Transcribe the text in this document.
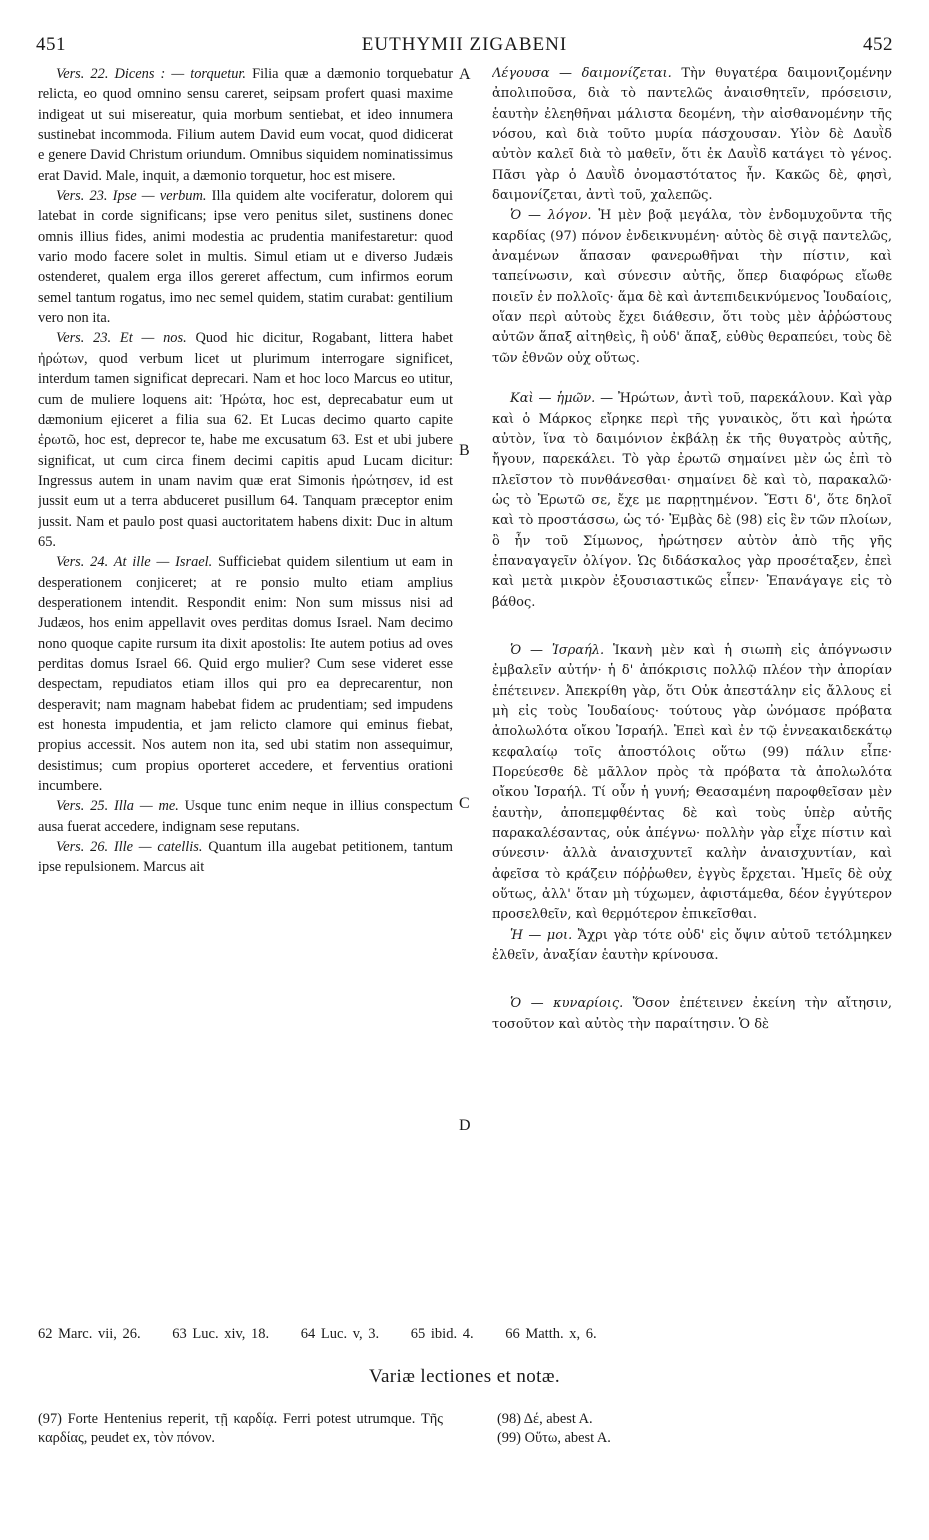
451	EUTHYMII ZIGABENI	452

Vers. 22. Dicens : — torquetur. Filia quæ a dæmonio torquebatur relicta, eo quod omnino sensu careret, seipsam profert quasi maxime indigeat ut sui misereatur, quia morbum sentiebat, et ideo innumera sustinebat incommoda. Filium autem David eum vocat, quod didicerat e genere David Christum oriundum. Omnibus siquidem nominatissimus erat David. Male, inquit, a dæmonio torquetur, hoc est misere.

Vers. 23. Ipse — verbum. Illa quidem alte vociferatur, dolorem qui latebat in corde significans; ipse vero penitus silet, sustinens donec omnis illius fides, animi modestia ac prudentia manifestaretur: quod vario modo facere solet in multis. Simul etiam ut e diverso Judæis ostenderet, qualem erga illos gereret affectum, cum infirmos eorum semel tantum rogatus, imo nec semel quidem, statim curabat: gentilium vero non ita.

Vers. 23. Et — nos. Quod hic dicitur, Rogabant, littera habet ἠρώτων, quod verbum licet ut plurimum interrogare significet, interdum tamen significat deprecari. Nam et hoc loco Marcus eo utitur, cum de muliere loquens ait: Ἠρώτα, hoc est, deprecabatur eum ut dæmonium ejiceret a filia sua 62. Et Lucas decimo quarto capite ἐρωτῶ, hoc est, deprecor te, habe me excusatum 63. Est et ubi jubere significat, ut cum circa finem decimi capitis apud Lucam dicitur: Ingressus autem in unam navim quæ erat Simonis ἠρώτησεν, id est jussit eum ut a terra abduceret pusillum 64. Tanquam præceptor enim jussit. Nam et paulo post quasi auctoritatem habens dixit: Duc in altum 65.

Vers. 24. At ille — Israel. Sufficiebat quidem silentium ut eam in desperationem conjiceret; at re ponsio multo etiam amplius desperationem intendit. Respondit enim: Non sum missus nisi ad Judæos, hos enim appellavit oves perditas domus Israel. Nam decimo nono quoque capite rursum ita dixit apostolis: Ite autem potius ad oves perditas domus Israel 66. Quid ergo mulier? Cum sese videret esse despectam, repudiatos etiam illos qui pro ea deprecarentur, non desperavit; nam magnam habebat fidem ac prudentiam; sed impudens est honesta impudentia, et jam relicto clamore qui eminus fiebat, propius accessit. Nos autem non ita, sed ubi statim non assequimur, desistimus; cum propius oporteret accedere, et ferventius orationi incumbere.

Vers. 25. Illa — me. Usque tunc enim neque in illius conspectum ausa fuerat accedere, indignam sese reputans.

Vers. 26. Ille — catellis. Quantum illa augebat petitionem, tantum ipse repulsionem. Marcus ait

A
B
C
D

Λέγουσα — δαιμονίζεται. Τὴν θυγατέρα δαιμονιζομένην ἀπολιποῦσα, διὰ τὸ παντελῶς ἀναισθητεῖν, πρόσεισιν, ἑαυτὴν ἐλεηθῆναι μάλιστα δεομένη, τὴν αἰσθανομένην τῆς νόσου, καὶ διὰ τοῦτο μυρία πάσχουσαν. Υἱὸν δὲ Δαυῒδ αὐτὸν καλεῖ διὰ τὸ μαθεῖν, ὅτι ἐκ Δαυῒδ κατάγει τὸ γένος. Πᾶσι γὰρ ὁ Δαυῒδ ὀνομαστότατος ἦν. Κακῶς δὲ, φησὶ, δαιμονίζεται, ἀντὶ τοῦ, χαλεπῶς.

Ὁ — λόγον. Ἡ μὲν βοᾷ μεγάλα, τὸν ἐνδομυχοῦντα τῆς καρδίας (97) πόνον ἐνδεικνυμένη· αὐτὸς δὲ σιγᾷ παντελῶς, ἀναμένων ἅπασαν φανερωθῆναι τὴν πίστιν, καὶ ταπείνωσιν, καὶ σύνεσιν αὐτῆς, ὅπερ διαφόρως εἴωθε ποιεῖν ἐν πολλοῖς· ἅμα δὲ καὶ ἀντεπιδεικνύμενος Ἰουδαίοις, οἵαν περὶ αὐτοὺς ἔχει διάθεσιν, ὅτι τοὺς μὲν ἀῤῥώστους αὐτῶν ἅπαξ αἰτηθεὶς, ἢ οὐδ' ἅπαξ, εὐθὺς θεραπεύει, τοὺς δὲ τῶν ἐθνῶν οὐχ οὕτως.

Καὶ — ἡμῶν. — Ἠρώτων, ἀντὶ τοῦ, παρεκάλουν. Καὶ γὰρ καὶ ὁ Μάρκος εἴρηκε περὶ τῆς γυναικὸς, ὅτι καὶ ἠρώτα αὐτὸν, ἵνα τὸ δαιμόνιον ἐκβάλῃ ἐκ τῆς θυγατρὸς αὐτῆς, ἤγουν, παρεκάλει. Τὸ γὰρ ἐρωτῶ σημαίνει μὲν ὡς ἐπὶ τὸ πλεῖστον τὸ πυνθάνεσθαι· σημαίνει δὲ καὶ τὸ, παρακαλῶ· ὡς τὸ Ἐρωτῶ σε, ἔχε με παρῃτημένον. Ἔστι δ', ὅτε δηλοῖ καὶ τὸ προστάσσω, ὡς τό· Ἐμβὰς δὲ (98) εἰς ἓν τῶν πλοίων, ὃ ἦν τοῦ Σίμωνος, ἠρώτησεν αὐτὸν ἀπὸ τῆς γῆς ἐπαναγαγεῖν ὀλίγον. Ὡς διδάσκαλος γὰρ προσέταξεν, ἐπεὶ καὶ μετὰ μικρὸν ἐξουσιαστικῶς εἶπεν· Ἐπανάγαγε εἰς τὸ βάθος.

Ὁ — Ἰσραήλ. Ἱκανὴ μὲν καὶ ἡ σιωπὴ εἰς ἀπόγνωσιν ἐμβαλεῖν αὐτήν· ἡ δ' ἀπόκρισις πολλῷ πλέον τὴν ἀπορίαν ἐπέτεινεν. Ἀπεκρίθη γὰρ, ὅτι Οὐκ ἀπεστάλην εἰς ἄλλους εἰ μὴ εἰς τοὺς Ἰουδαίους· τούτους γὰρ ὠνόμασε πρόβατα ἀπολωλότα οἴκου Ἰσραήλ. Ἐπεὶ καὶ ἐν τῷ ἐννεακαιδεκάτῳ κεφαλαίῳ τοῖς ἀποστόλοις οὕτω (99) πάλιν εἶπε· Πορεύεσθε δὲ μᾶλλον πρὸς τὰ πρόβατα τὰ ἀπολωλότα οἴκου Ἰσραήλ. Τί οὖν ἡ γυνή; Θεασαμένη παροφθεῖσαν μὲν ἑαυτὴν, ἀποπεμφθέντας δὲ καὶ τοὺς ὑπὲρ αὐτῆς παρακαλέσαντας, οὐκ ἀπέγνω· πολλὴν γὰρ εἶχε πίστιν καὶ σύνεσιν· ἀλλὰ ἀναισχυντεῖ καλὴν ἀναισχυντίαν, καὶ ἀφεῖσα τὸ κράζειν πόῤῥωθεν, ἐγγὺς ἔρχεται. Ἡμεῖς δὲ οὐχ οὕτως, ἀλλ' ὅταν μὴ τύχωμεν, ἀφιστάμεθα, δέον ἐγγύτερον προσελθεῖν, καὶ θερμότερον ἐπικεῖσθαι.

Ἡ — μοι. Ἄχρι γὰρ τότε οὐδ' εἰς ὄψιν αὐτοῦ τετόλμηκεν ἐλθεῖν, ἀναξίαν ἑαυτὴν κρίνουσα.

Ὁ — κυναρίοις. Ὅσον ἐπέτεινεν ἐκείνη τὴν αἴτησιν, τοσοῦτον καὶ αὐτὸς τὴν παραίτησιν. Ὁ δὲ

62 Marc. vii, 26. 63 Luc. xiv, 18. 64 Luc. v, 3. 65 ibid. 4. 66 Matth. x, 6.
Variæ lectiones et notæ.

(97) Forte Hentenius reperit, τῇ καρδίᾳ. Ferri potest utrumque. Τῆς καρδίας, peudet ex, τὸν πόνον.

(98) Δέ, abest A.

(99) Οὕτω, abest A.
